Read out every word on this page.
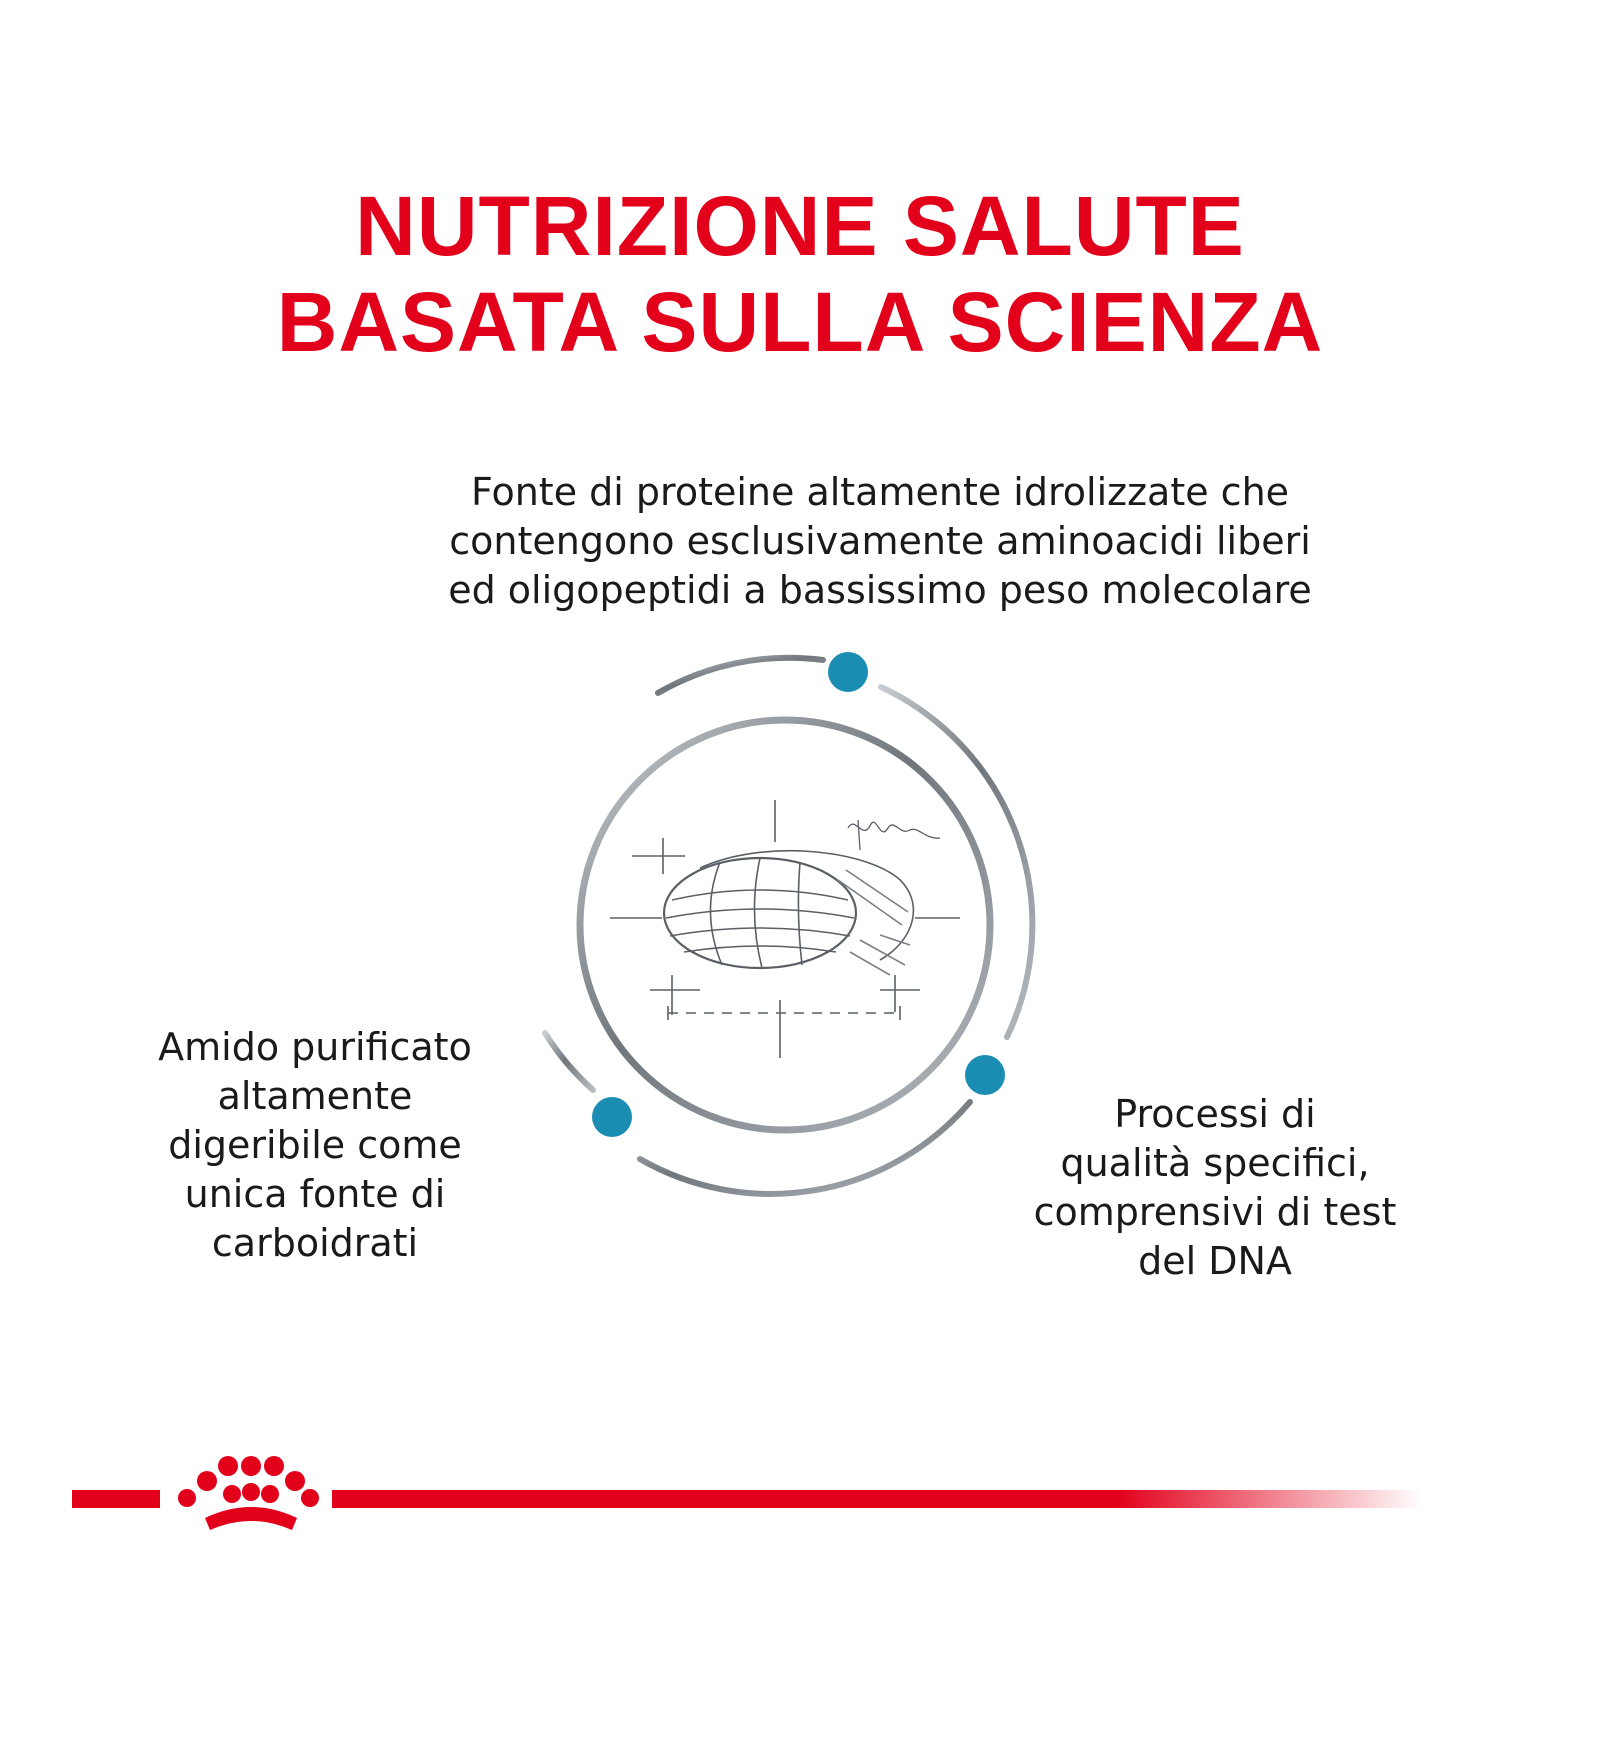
NUTRIZIONE SALUTE
BASATA SULLA SCIENZA
Fonte di proteine altamente idrolizzate che
contengono esclusivamente aminoacidi liberi
ed oligopeptidi a bassissimo peso molecolare
Amido purificato
altamente
digeribile come
unica fonte di
carboidrati
Processi di
qualità specifici,
comprensivi di test
del DNA
